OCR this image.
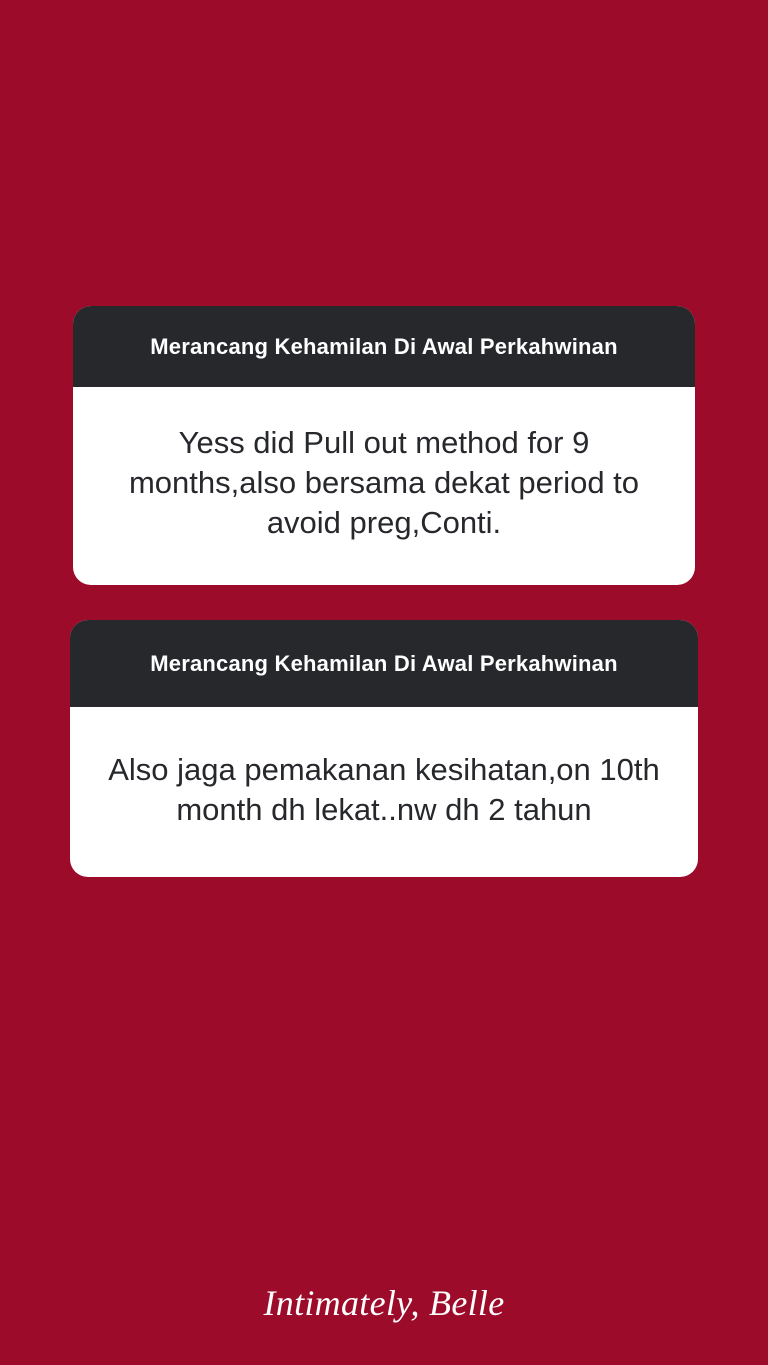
Merancang Kehamilan Di Awal Perkahwinan
Yess did Pull out method for 9 months,also bersama dekat period to avoid preg,Conti.
Merancang Kehamilan Di Awal Perkahwinan
Also jaga pemakanan kesihatan,on 10th month dh lekat..nw dh 2 tahun
Intimately, Belle
